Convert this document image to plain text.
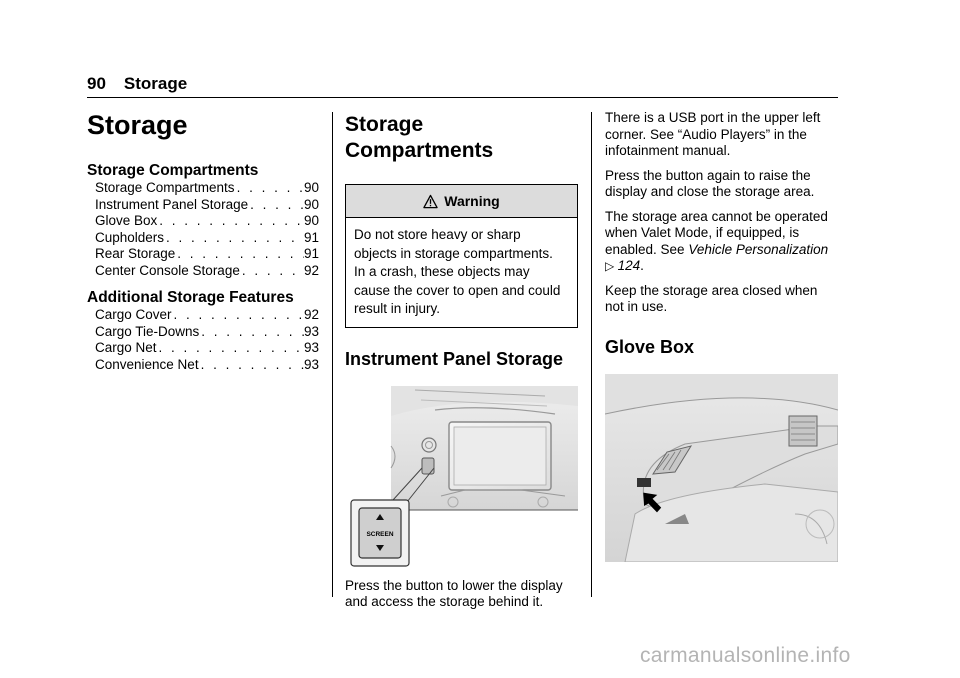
90 Storage
Storage
Storage Compartments
Storage Compartments . . .	90
Instrument Panel Storage . . .	90
Glove Box . . .	90
Cupholders . . .	91
Rear Storage . . .	91
Center Console Storage . . .	92
Additional Storage Features
Cargo Cover . . .	92
Cargo Tie-Downs . . .	93
Cargo Net . . .	93
Convenience Net . . .	93
Storage
Compartments
Warning
Do not store heavy or sharp objects in storage compartments. In a crash, these objects may cause the cover to open and could result in injury.
Instrument Panel Storage
SCREEN

Press the button to lower the display and access the storage behind it.

There is a USB port in the upper left corner. See “Audio Players” in the infotainment manual.

Press the button again to raise the display and close the storage area.

The storage area cannot be operated when Valet Mode, if equipped, is enabled. See Vehicle Personalization ▷ 124.

Keep the storage area closed when not in use.

Glove Box
carmanualsonline.info
